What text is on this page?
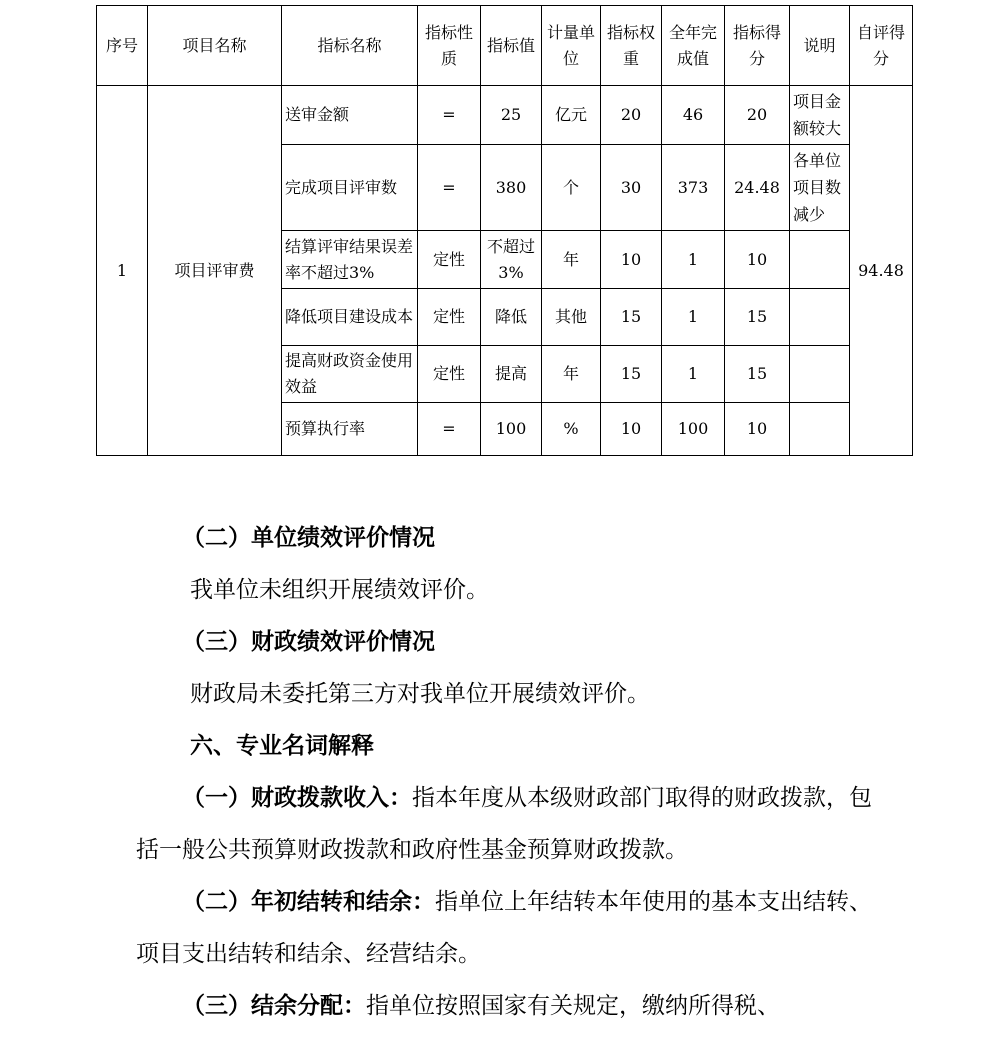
序号	项目名称	指标名称	指标性质	指标值	计量单位	指标权重	全年完成值	指标得分	说明	自评得分
1	项目评审费	送审金额	=	25	亿元	20	46	20	项目金额较大	94.48
		完成项目评审数	=	380	个	30	373	24.48	各单位项目数减少	
		结算评审结果误差率不超过3%	定性	不超过3%	年	10	1	10		
		降低项目建设成本	定性	降低	其他	15	1	15		
		提高财政资金使用效益	定性	提高	年	15	1	15		
		预算执行率	=	100	%	10	100	10		

（二）单位绩效评价情况

我单位未组织开展绩效评价。

（三）财政绩效评价情况

财政局未委托第三方对我单位开展绩效评价。

六、专业名词解释

（一）财政拨款收入：指本年度从本级财政部门取得的财政拨款，包括一般公共预算财政拨款和政府性基金预算财政拨款。

（二）年初结转和结余：指单位上年结转本年使用的基本支出结转、项目支出结转和结余、经营结余。

（三）结余分配：指单位按照国家有关规定，缴纳所得税、
